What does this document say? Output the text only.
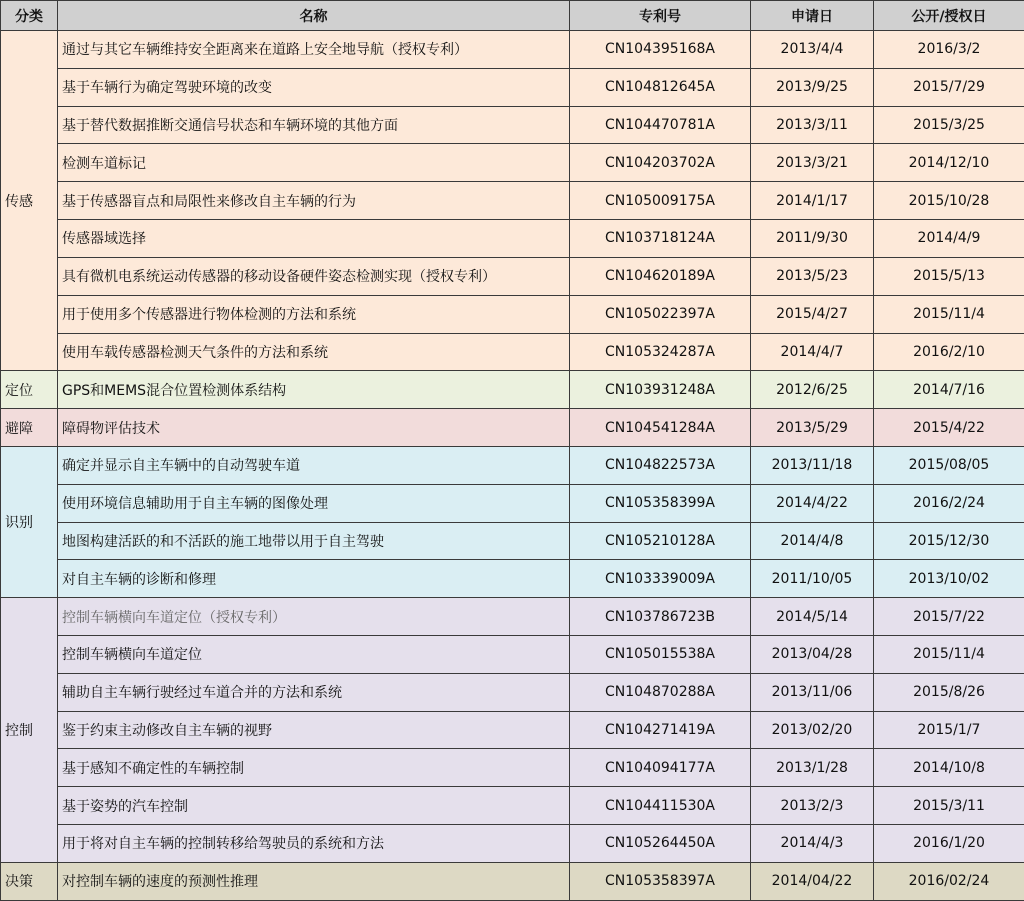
分类	名称	专利号	申请日	公开/授权日
传感	通过与其它车辆维持安全距离来在道路上安全地导航（授权专利）	CN104395168A	2013/4/4	2016/3/2
	基于车辆行为确定驾驶环境的改变	CN104812645A	2013/9/25	2015/7/29
	基于替代数据推断交通信号状态和车辆环境的其他方面	CN104470781A	2013/3/11	2015/3/25
	检测车道标记	CN104203702A	2013/3/21	2014/12/10
	基于传感器盲点和局限性来修改自主车辆的行为	CN105009175A	2014/1/17	2015/10/28
	传感器域选择	CN103718124A	2011/9/30	2014/4/9
	具有微机电系统运动传感器的移动设备硬件姿态检测实现（授权专利）	CN104620189A	2013/5/23	2015/5/13
	用于使用多个传感器进行物体检测的方法和系统	CN105022397A	2015/4/27	2015/11/4
	使用车载传感器检测天气条件的方法和系统	CN105324287A	2014/4/7	2016/2/10
定位	GPS和MEMS混合位置检测体系结构	CN103931248A	2012/6/25	2014/7/16
避障	障碍物评估技术	CN104541284A	2013/5/29	2015/4/22
识别	确定并显示自主车辆中的自动驾驶车道	CN104822573A	2013/11/18	2015/08/05
	使用环境信息辅助用于自主车辆的图像处理	CN105358399A	2014/4/22	2016/2/24
	地图构建活跃的和不活跃的施工地带以用于自主驾驶	CN105210128A	2014/4/8	2015/12/30
	对自主车辆的诊断和修理	CN103339009A	2011/10/05	2013/10/02
控制	控制车辆横向车道定位（授权专利）	CN103786723B	2014/5/14	2015/7/22
	控制车辆横向车道定位	CN105015538A	2013/04/28	2015/11/4
	辅助自主车辆行驶经过车道合并的方法和系统	CN104870288A	2013/11/06	2015/8/26
	鉴于约束主动修改自主车辆的视野	CN104271419A	2013/02/20	2015/1/7
	基于感知不确定性的车辆控制	CN104094177A	2013/1/28	2014/10/8
	基于姿势的汽车控制	CN104411530A	2013/2/3	2015/3/11
	用于将对自主车辆的控制转移给驾驶员的系统和方法	CN105264450A	2014/4/3	2016/1/20
决策	对控制车辆的速度的预测性推理	CN105358397A	2014/04/22	2016/02/24
